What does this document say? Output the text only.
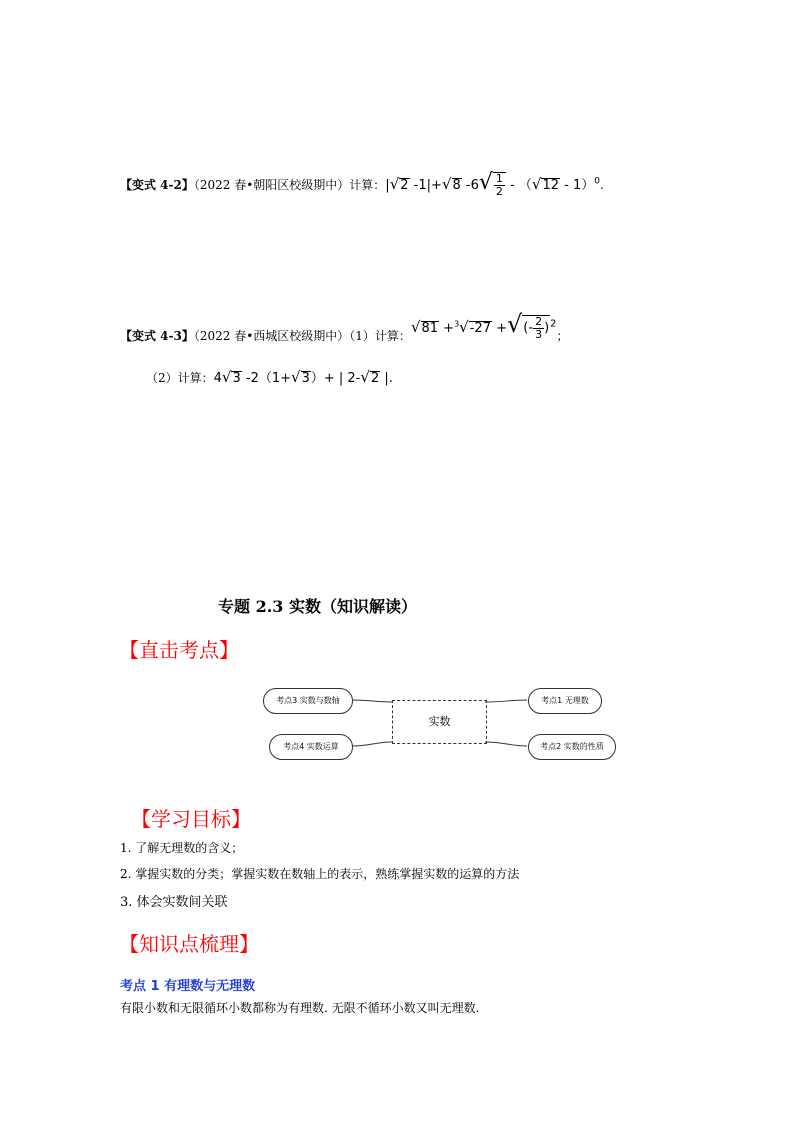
【变式 4-2】（2022 春•朝阳区校级期中）计算：|√2 -1|+√8 $-6√ \frac{1}{2} - (√12 - 1)^0$.
【变式 4-3】（2022 春•西城区校级期中）（1）计算：√81 +$^3$√-27 +√(- $\frac{2}{3} )^2$；
（2）计算：4√3 -2（1+√3）+ | 2-√2 |.
专题 2.3 实数（知识解读）
【直击考点】
实数
考点3 实数与数轴
考点4 实数运算
考点1 无理数
考点2 实数的性质
【学习目标】
1. 了解无理数的含义；
2. 掌握实数的分类；掌握实数在数轴上的表示，熟练掌握实数的运算的方法
3. 体会实数间关联
【知识点梳理】
考点 1 有理数与无理数
有限小数和无限循环小数都称为有理数. 无限不循环小数又叫无理数.
